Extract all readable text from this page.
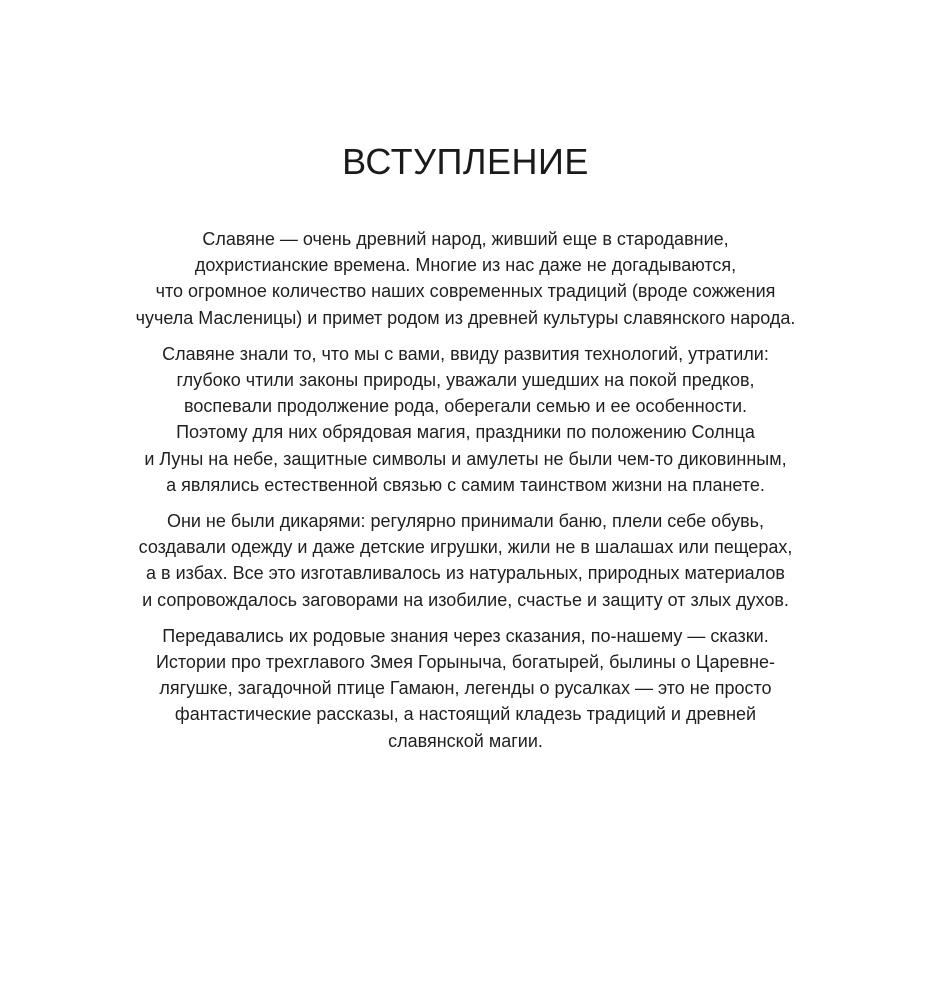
ВСТУПЛЕНИЕ

Славяне — очень древний народ, живший еще в стародавние,
дохристианские времена. Многие из нас даже не догадываются,
что огромное количество наших современных традиций (вроде сожжения
чучела Масленицы) и примет родом из древней культуры славянского народа.

Славяне знали то, что мы с вами, ввиду развития технологий, утратили:
глубоко чтили законы природы, уважали ушедших на покой предков,
воспевали продолжение рода, оберегали семью и ее особенности.
Поэтому для них обрядовая магия, праздники по положению Солнца
и Луны на небе, защитные символы и амулеты не были чем-то диковинным,
а являлись естественной связью с самим таинством жизни на планете.

Они не были дикарями: регулярно принимали баню, плели себе обувь,
создавали одежду и даже детские игрушки, жили не в шалашах или пещерах,
а в избах. Все это изготавливалось из натуральных, природных материалов
и сопровождалось заговорами на изобилие, счастье и защиту от злых духов.

Передавались их родовые знания через сказания, по-нашему — сказки.
Истории про трехглавого Змея Горыныча, богатырей, былины о Царевне-
лягушке, загадочной птице Гамаюн, легенды о русалках — это не просто
фантастические рассказы, а настоящий кладезь традиций и древней
славянской магии.
